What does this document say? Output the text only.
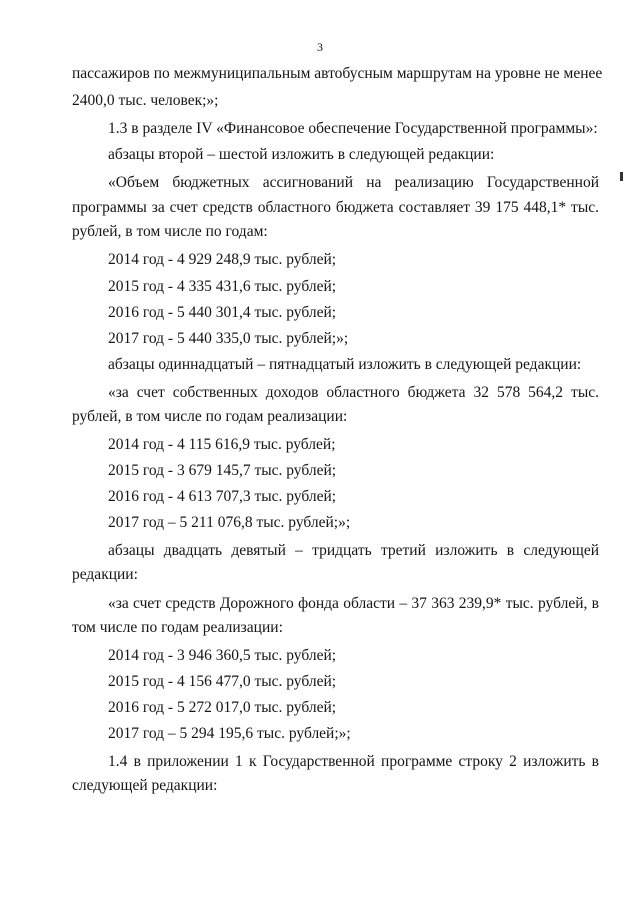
3

пассажиров по межмуниципальным автобусным маршрутам на уровне не менее

2400,0 тыс. человек;»;

1.3 в разделе IV «Финансовое обеспечение Государственной программы»:

абзацы второй – шестой изложить в следующей редакции:

«Объем бюджетных ассигнований на реализацию Государственной

программы за счет средств областного бюджета составляет 39 175 448,1* тыс.

рублей, в том числе по годам:

2014 год - 4 929 248,9 тыс. рублей;

2015 год - 4 335 431,6 тыс. рублей;

2016 год - 5 440 301,4 тыс. рублей;

2017 год - 5 440 335,0 тыс. рублей;»;

абзацы одиннадцатый – пятнадцатый изложить в следующей редакции:

«за счет собственных доходов областного бюджета 32 578 564,2 тыс.

рублей, в том числе по годам реализации:

2014 год - 4 115 616,9 тыс. рублей;

2015 год - 3 679 145,7 тыс. рублей;

2016 год - 4 613 707,3 тыс. рублей;

2017 год – 5 211 076,8 тыс. рублей;»;

абзацы двадцать девятый – тридцать третий изложить в следующей

редакции:

«за счет средств Дорожного фонда области – 37 363 239,9* тыс. рублей, в

том числе по годам реализации:

2014 год - 3 946 360,5 тыс. рублей;

2015 год - 4 156 477,0 тыс. рублей;

2016 год - 5 272 017,0 тыс. рублей;

2017 год – 5 294 195,6 тыс. рублей;»;

1.4 в приложении 1 к Государственной программе строку 2 изложить в

следующей редакции:
